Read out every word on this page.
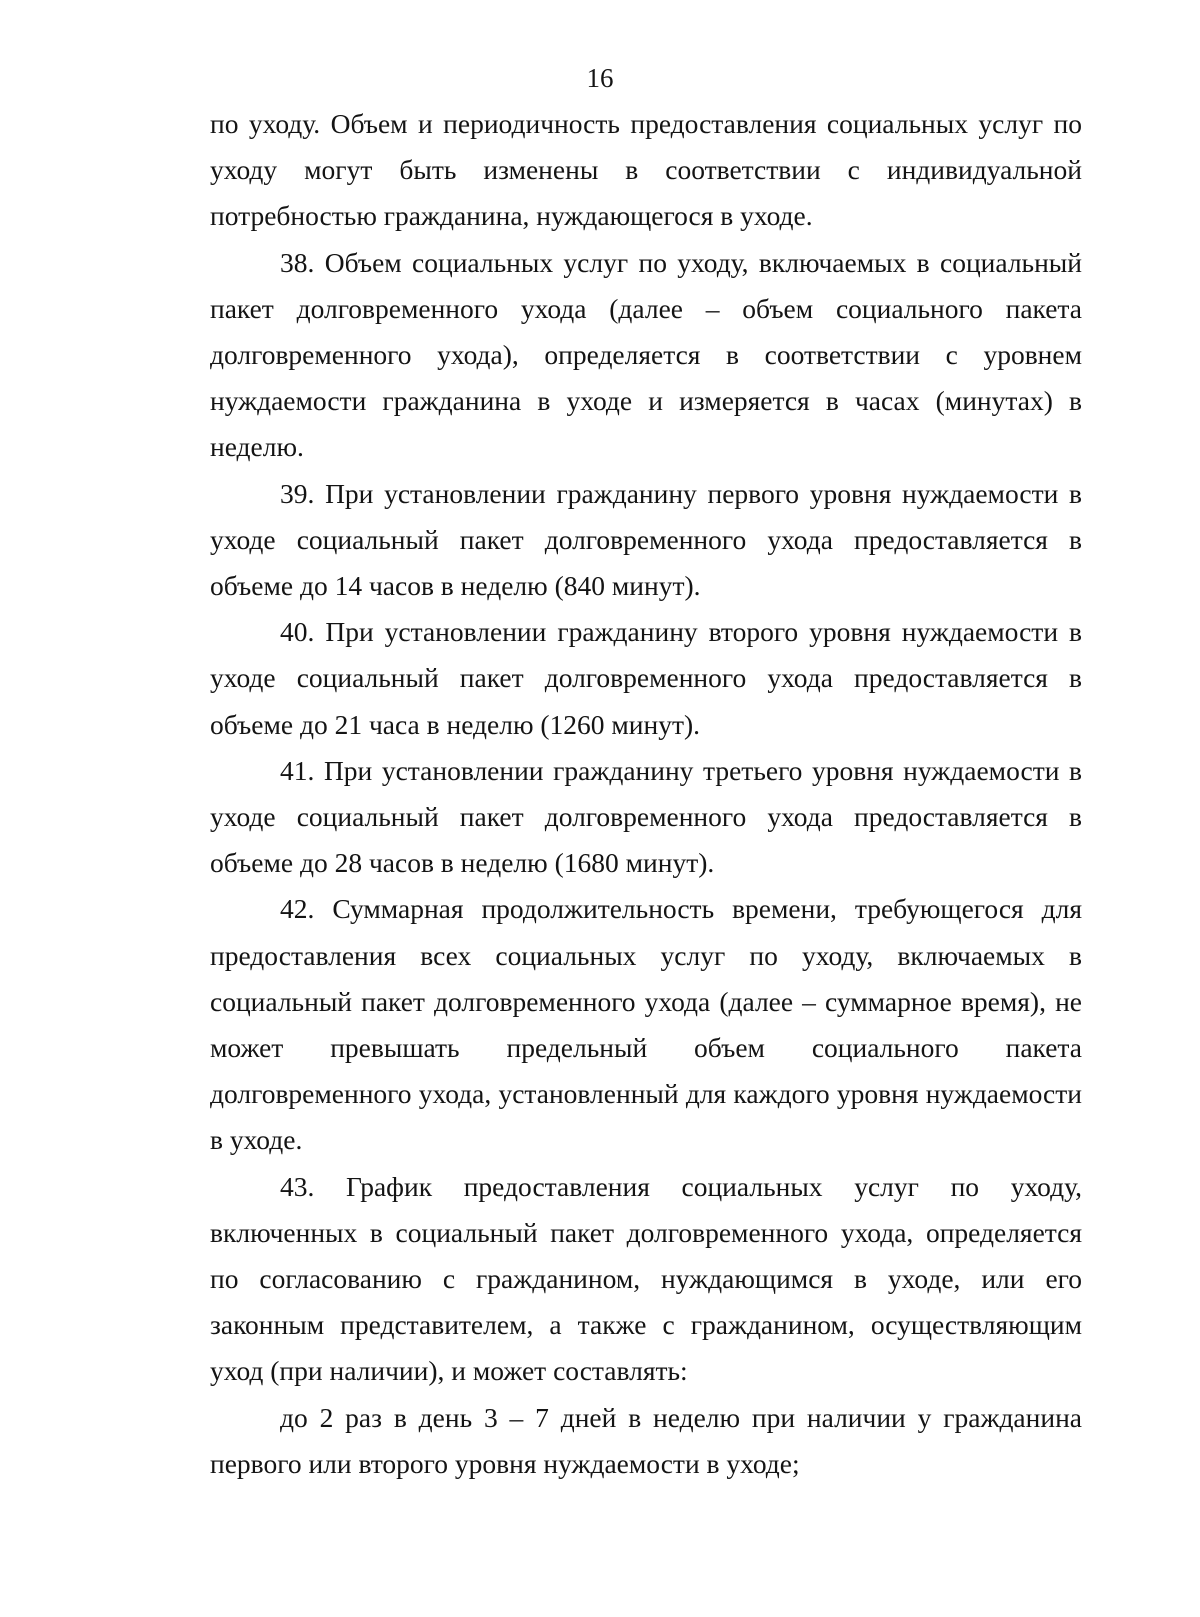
16

по уходу. Объем и периодичность предоставления социальных услуг по уходу могут быть изменены в соответствии с индивидуальной потребностью гражданина, нуждающегося в уходе.

38. Объем социальных услуг по уходу, включаемых в социальный пакет долговременного ухода (далее – объем социального пакета долговременного ухода), определяется в соответствии с уровнем нуждаемости гражданина в уходе и измеряется в часах (минутах) в неделю.

39. При установлении гражданину первого уровня нуждаемости в уходе социальный пакет долговременного ухода предоставляется в объеме до 14 часов в неделю (840 минут).

40. При установлении гражданину второго уровня нуждаемости в уходе социальный пакет долговременного ухода предоставляется в объеме до 21 часа в неделю (1260 минут).

41. При установлении гражданину третьего уровня нуждаемости в уходе социальный пакет долговременного ухода предоставляется в объеме до 28 часов в неделю (1680 минут).

42. Суммарная продолжительность времени, требующегося для предоставления всех социальных услуг по уходу, включаемых в социальный пакет долговременного ухода (далее – суммарное время), не может превышать предельный объем социального пакета долговременного ухода, установленный для каждого уровня нуждаемости в уходе.

43. График предоставления социальных услуг по уходу, включенных в социальный пакет долговременного ухода, определяется по согласованию с гражданином, нуждающимся в уходе, или его законным представителем, а также с гражданином, осуществляющим уход (при наличии), и может составлять:

до 2 раз в день 3 – 7 дней в неделю при наличии у гражданина первого или второго уровня нуждаемости в уходе;
